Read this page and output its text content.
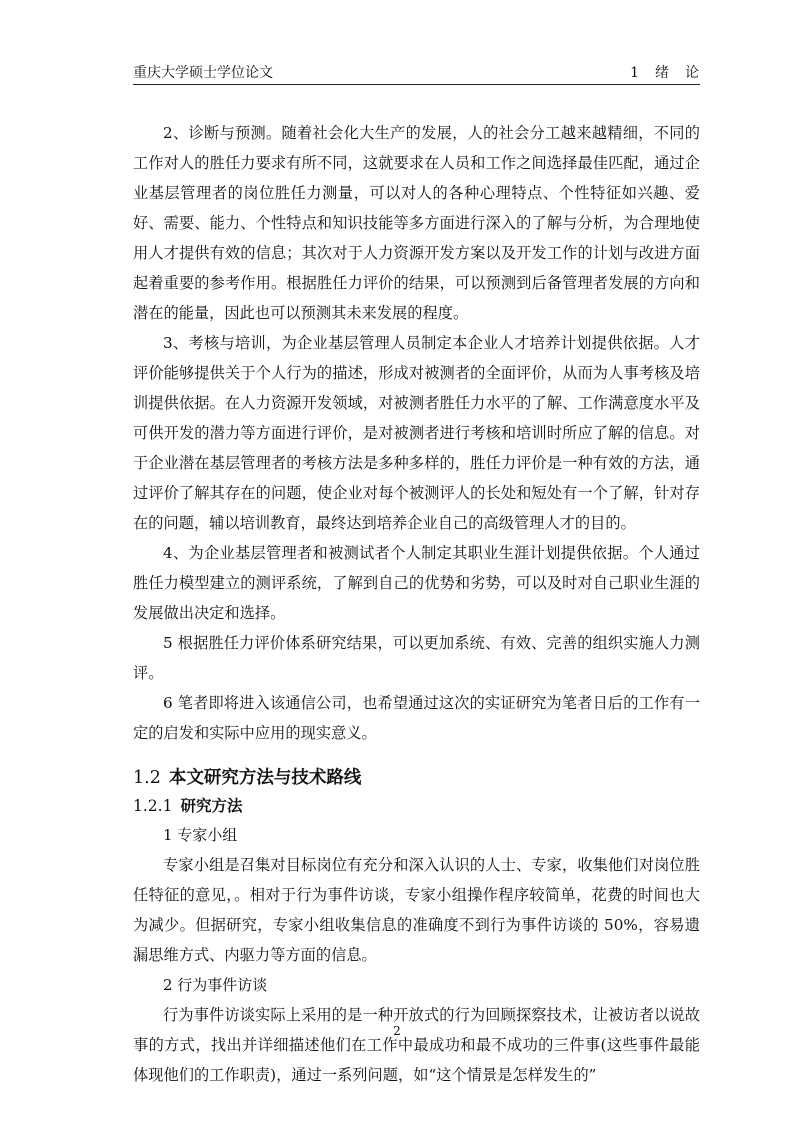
重庆大学硕士学位论文	1　绪　论

2、诊断与预测。随着社会化大生产的发展，人的社会分工越来越精细，不同的工作对人的胜任力要求有所不同，这就要求在人员和工作之间选择最佳匹配，通过企业基层管理者的岗位胜任力测量，可以对人的各种心理特点、个性特征如兴趣、爱好、需要、能力、个性特点和知识技能等多方面进行深入的了解与分析，为合理地使用人才提供有效的信息；其次对于人力资源开发方案以及开发工作的计划与改进方面起着重要的参考作用。根据胜任力评价的结果，可以预测到后备管理者发展的方向和潜在的能量，因此也可以预测其未来发展的程度。

3、考核与培训，为企业基层管理人员制定本企业人才培养计划提供依据。人才评价能够提供关于个人行为的描述，形成对被测者的全面评价，从而为人事考核及培训提供依据。在人力资源开发领域，对被测者胜任力水平的了解、工作满意度水平及可供开发的潜力等方面进行评价，是对被测者进行考核和培训时所应了解的信息。对于企业潜在基层管理者的考核方法是多种多样的，胜任力评价是一种有效的方法，通过评价了解其存在的问题，使企业对每个被测评人的长处和短处有一个了解，针对存在的问题，辅以培训教育，最终达到培养企业自己的高级管理人才的目的。

4、为企业基层管理者和被测试者个人制定其职业生涯计划提供依据。个人通过胜任力模型建立的测评系统，了解到自己的优势和劣势，可以及时对自己职业生涯的发展做出决定和选择。

5 根据胜任力评价体系研究结果，可以更加系统、有效、完善的组织实施人力测评。

6 笔者即将进入该通信公司，也希望通过这次的实证研究为笔者日后的工作有一定的启发和实际中应用的现实意义。

1.2 本文研究方法与技术路线
1.2.1 研究方法

1 专家小组

专家小组是召集对目标岗位有充分和深入认识的人士、专家，收集他们对岗位胜任特征的意见，。相对于行为事件访谈，专家小组操作程序较简单，花费的时间也大为减少。但据研究，专家小组收集信息的准确度不到行为事件访谈的 50%，容易遗漏思维方式、内驱力等方面的信息。

2 行为事件访谈

行为事件访谈实际上采用的是一种开放式的行为回顾探察技术，让被访者以说故事的方式，找出并详细描述他们在工作中最成功和最不成功的三件事(这些事件最能体现他们的工作职责)，通过一系列问题，如“这个情景是怎样发生的”

2
